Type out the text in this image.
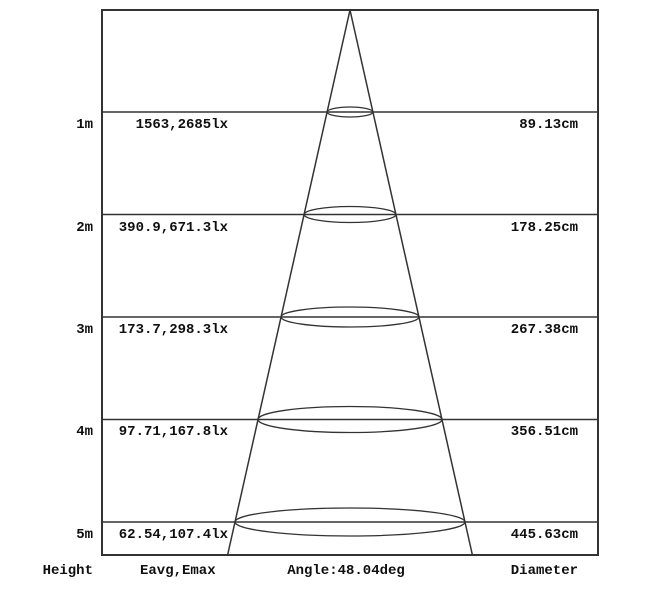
1m	1563,2685lx	89.13cm
2m	390.9,671.3lx	178.25cm
3m	173.7,298.3lx	267.38cm
4m	97.71,167.8lx	356.51cm
5m	62.54,107.4lx	445.63cm
Height	Eavg,Emax	Angle:48.04deg	Diameter
